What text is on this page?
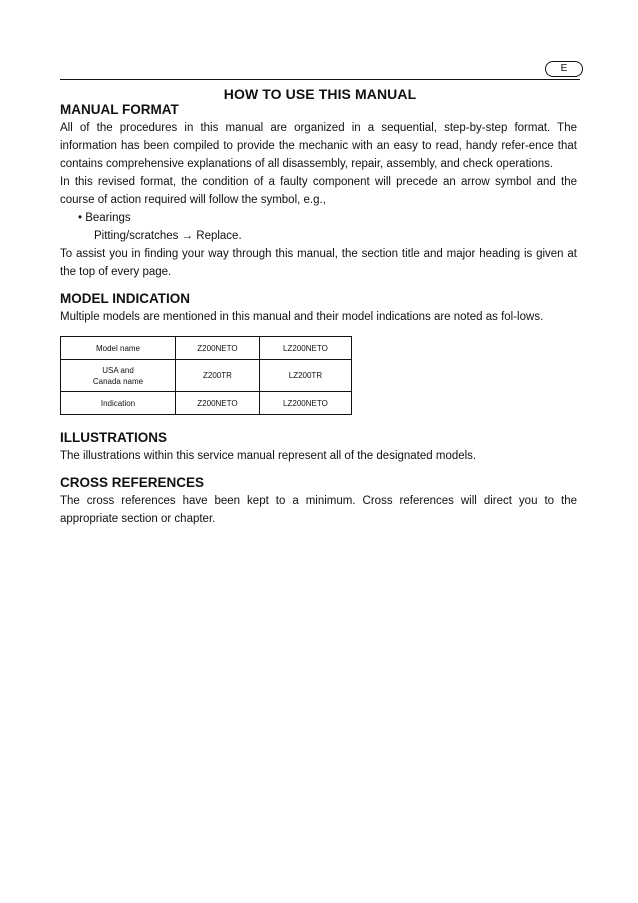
E
HOW TO USE THIS MANUAL
MANUAL FORMAT

All of the procedures in this manual are organized in a sequential, step-by-step format. The information has been compiled to provide the mechanic with an easy to read, handy refer-ence that contains comprehensive explanations of all disassembly, repair, assembly, and check operations.

In this revised format, the condition of a faulty component will precede an arrow symbol and the course of action required will follow the symbol, e.g.,

• Bearings
Pitting/scratches → Replace.

To assist you in finding your way through this manual, the section title and major heading is given at the top of every page.

MODEL INDICATION

Multiple models are mentioned in this manual and their model indications are noted as fol-lows.

Model name	Z200NETO	LZ200NETO
USA and
Canada name	Z200TR	LZ200TR
Indication	Z200NETO	LZ200NETO
ILLUSTRATIONS

The illustrations within this service manual represent all of the designated models.

CROSS REFERENCES

The cross references have been kept to a minimum. Cross references will direct you to the appropriate section or chapter.
